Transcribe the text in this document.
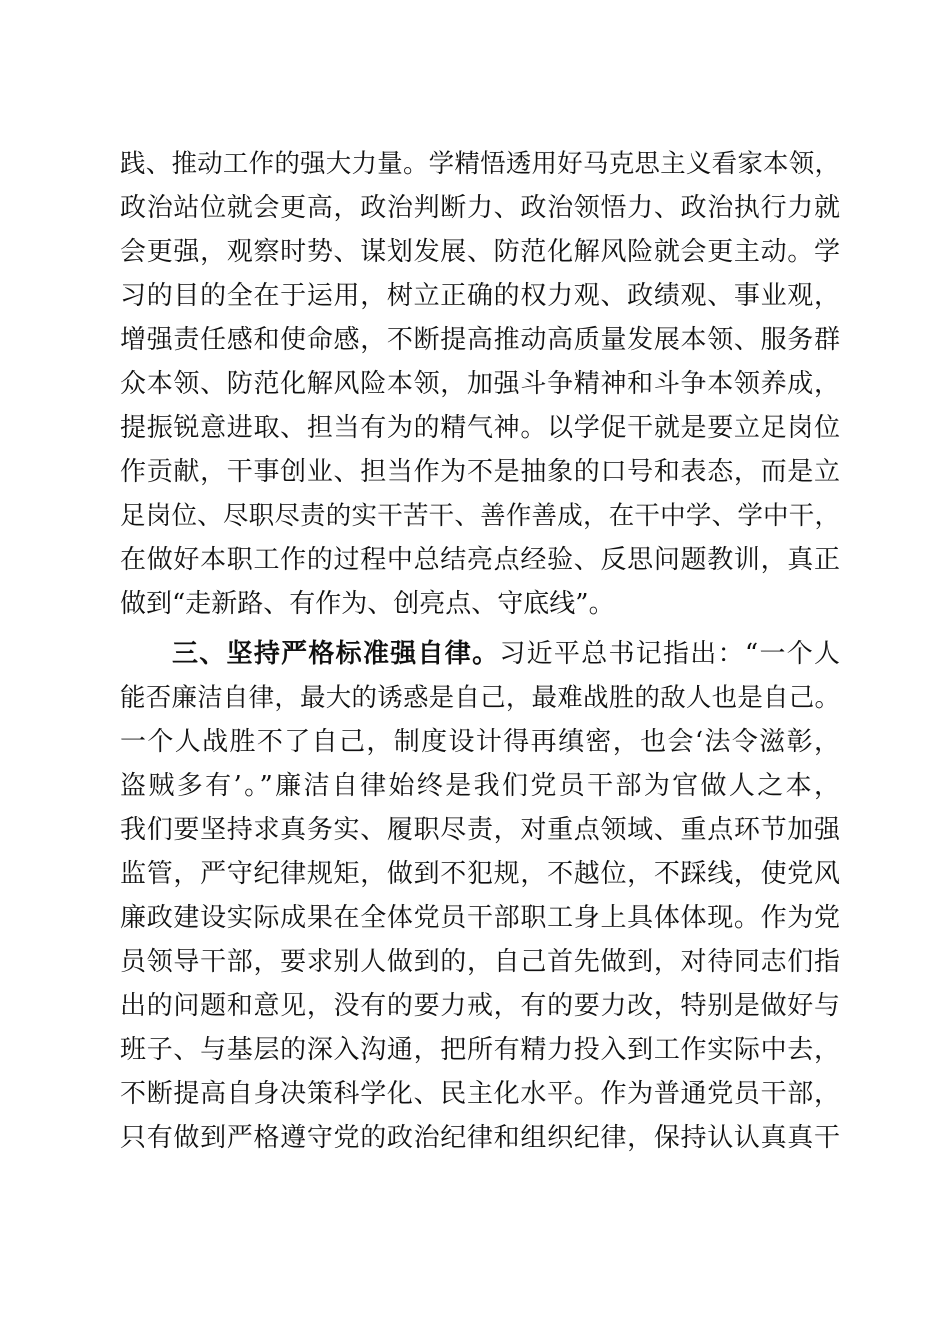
践、推动工作的强大力量。学精悟透用好马克思主义看家本领，
政治站位就会更高，政治判断力、政治领悟力、政治执行力就
会更强，观察时势、谋划发展、防范化解风险就会更主动。学
习的目的全在于运用，树立正确的权力观、政绩观、事业观，
增强责任感和使命感，不断提高推动高质量发展本领、服务群
众本领、防范化解风险本领，加强斗争精神和斗争本领养成，
提振锐意进取、担当有为的精气神。以学促干就是要立足岗位
作贡献，干事创业、担当作为不是抽象的口号和表态，而是立
足岗位、尽职尽责的实干苦干、善作善成，在干中学、学中干，
在做好本职工作的过程中总结亮点经验、反思问题教训，真正
做到“走新路、有作为、创亮点、守底线”。
三、坚持严格标准强自律。习近平总书记指出：“一个人
能否廉洁自律，最大的诱惑是自己，最难战胜的敌人也是自己。
一个人战胜不了自己，制度设计得再缜密，也会‘法令滋彰，
盗贼多有’。”廉洁自律始终是我们党员干部为官做人之本，
我们要坚持求真务实、履职尽责，对重点领域、重点环节加强
监管，严守纪律规矩，做到不犯规，不越位，不踩线，使党风
廉政建设实际成果在全体党员干部职工身上具体体现。作为党
员领导干部，要求别人做到的，自己首先做到，对待同志们指
出的问题和意见，没有的要力戒，有的要力改，特别是做好与
班子、与基层的深入沟通，把所有精力投入到工作实际中去，
不断提高自身决策科学化、民主化水平。作为普通党员干部，
只有做到严格遵守党的政治纪律和组织纪律，保持认认真真干
